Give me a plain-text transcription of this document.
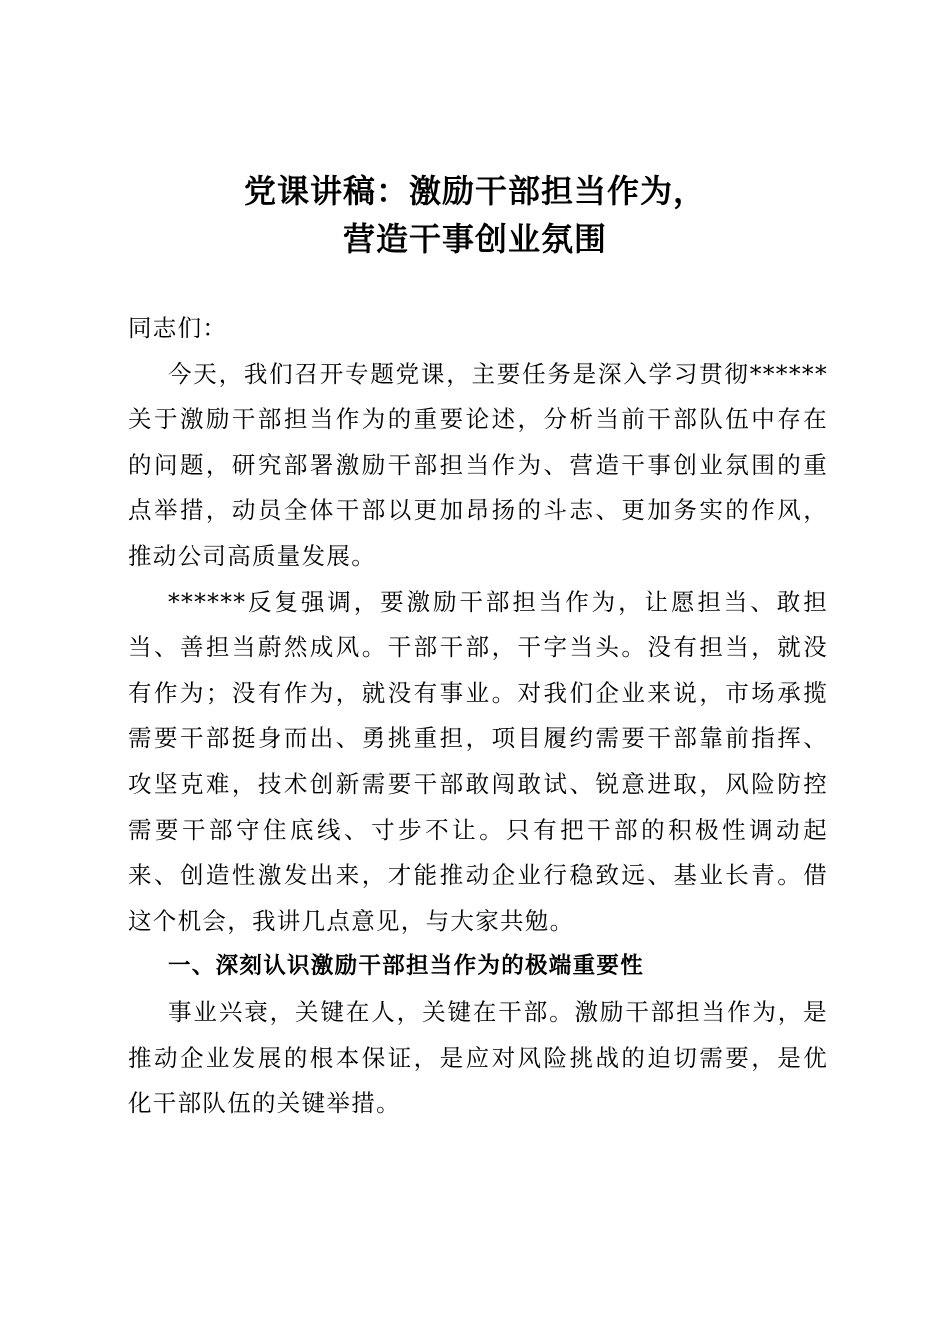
党课讲稿：激励干部担当作为，
营造干事创业氛围
同志们：
今天，我们召开专题党课，主要任务是深入学习贯彻******
关于激励干部担当作为的重要论述，分析当前干部队伍中存在
的问题，研究部署激励干部担当作为、营造干事创业氛围的重
点举措，动员全体干部以更加昂扬的斗志、更加务实的作风，
推动公司高质量发展。
******反复强调，要激励干部担当作为，让愿担当、敢担
当、善担当蔚然成风。干部干部，干字当头。没有担当，就没
有作为；没有作为，就没有事业。对我们企业来说，市场承揽
需要干部挺身而出、勇挑重担，项目履约需要干部靠前指挥、
攻坚克难，技术创新需要干部敢闯敢试、锐意进取，风险防控
需要干部守住底线、寸步不让。只有把干部的积极性调动起
来、创造性激发出来，才能推动企业行稳致远、基业长青。借
这个机会，我讲几点意见，与大家共勉。
一、深刻认识激励干部担当作为的极端重要性
事业兴衰，关键在人，关键在干部。激励干部担当作为，是
推动企业发展的根本保证，是应对风险挑战的迫切需要，是优
化干部队伍的关键举措。
